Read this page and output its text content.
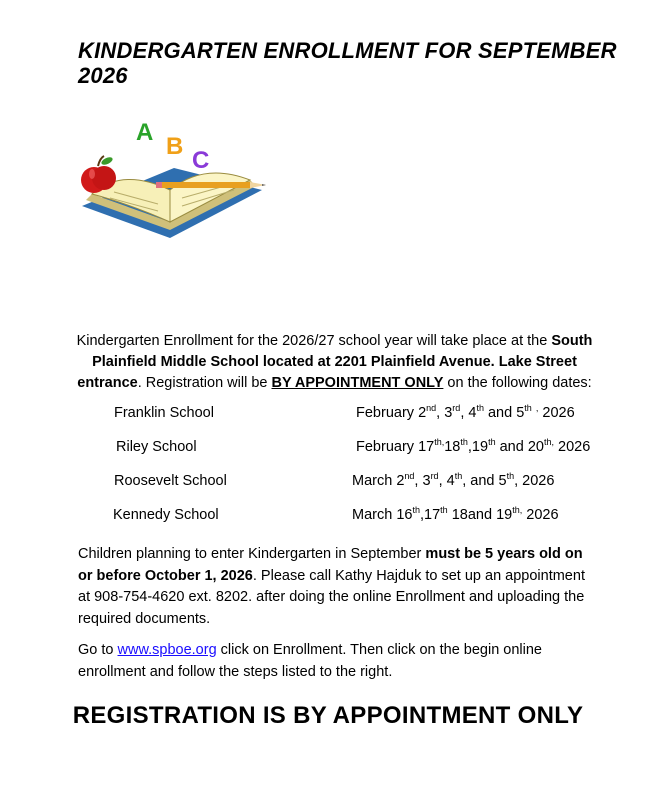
KINDERGARTEN ENROLLMENT FOR SEPTEMBER 2026
A
B
C

Kindergarten Enrollment for the 2026/27 school year will take place at the South Plainfield Middle School located at 2201 Plainfield Avenue. Lake Street entrance. Registration will be BY APPOINTMENT ONLY on the following dates:

Franklin School	February 2nd, 3rd, 4th and 5th , 2026
Riley School	February $17^{th,}18th,19th$ and $20^{th,}$ 2026
Roosevelt School	March 2nd, 3rd, 4th, and 5th, 2026
Kennedy School	March 16th,17th 18and $19^{th,}$ 2026

Children planning to enter Kindergarten in September must be 5 years old on or before October 1, 2026. Please call Kathy Hajduk to set up an appointment at 908-754-4620 ext. 8202. after doing the online Enrollment and uploading the required documents.

Go to www.spboe.org click on Enrollment. Then click on the begin online enrollment and follow the steps listed to the right.

REGISTRATION IS BY APPOINTMENT ONLY
